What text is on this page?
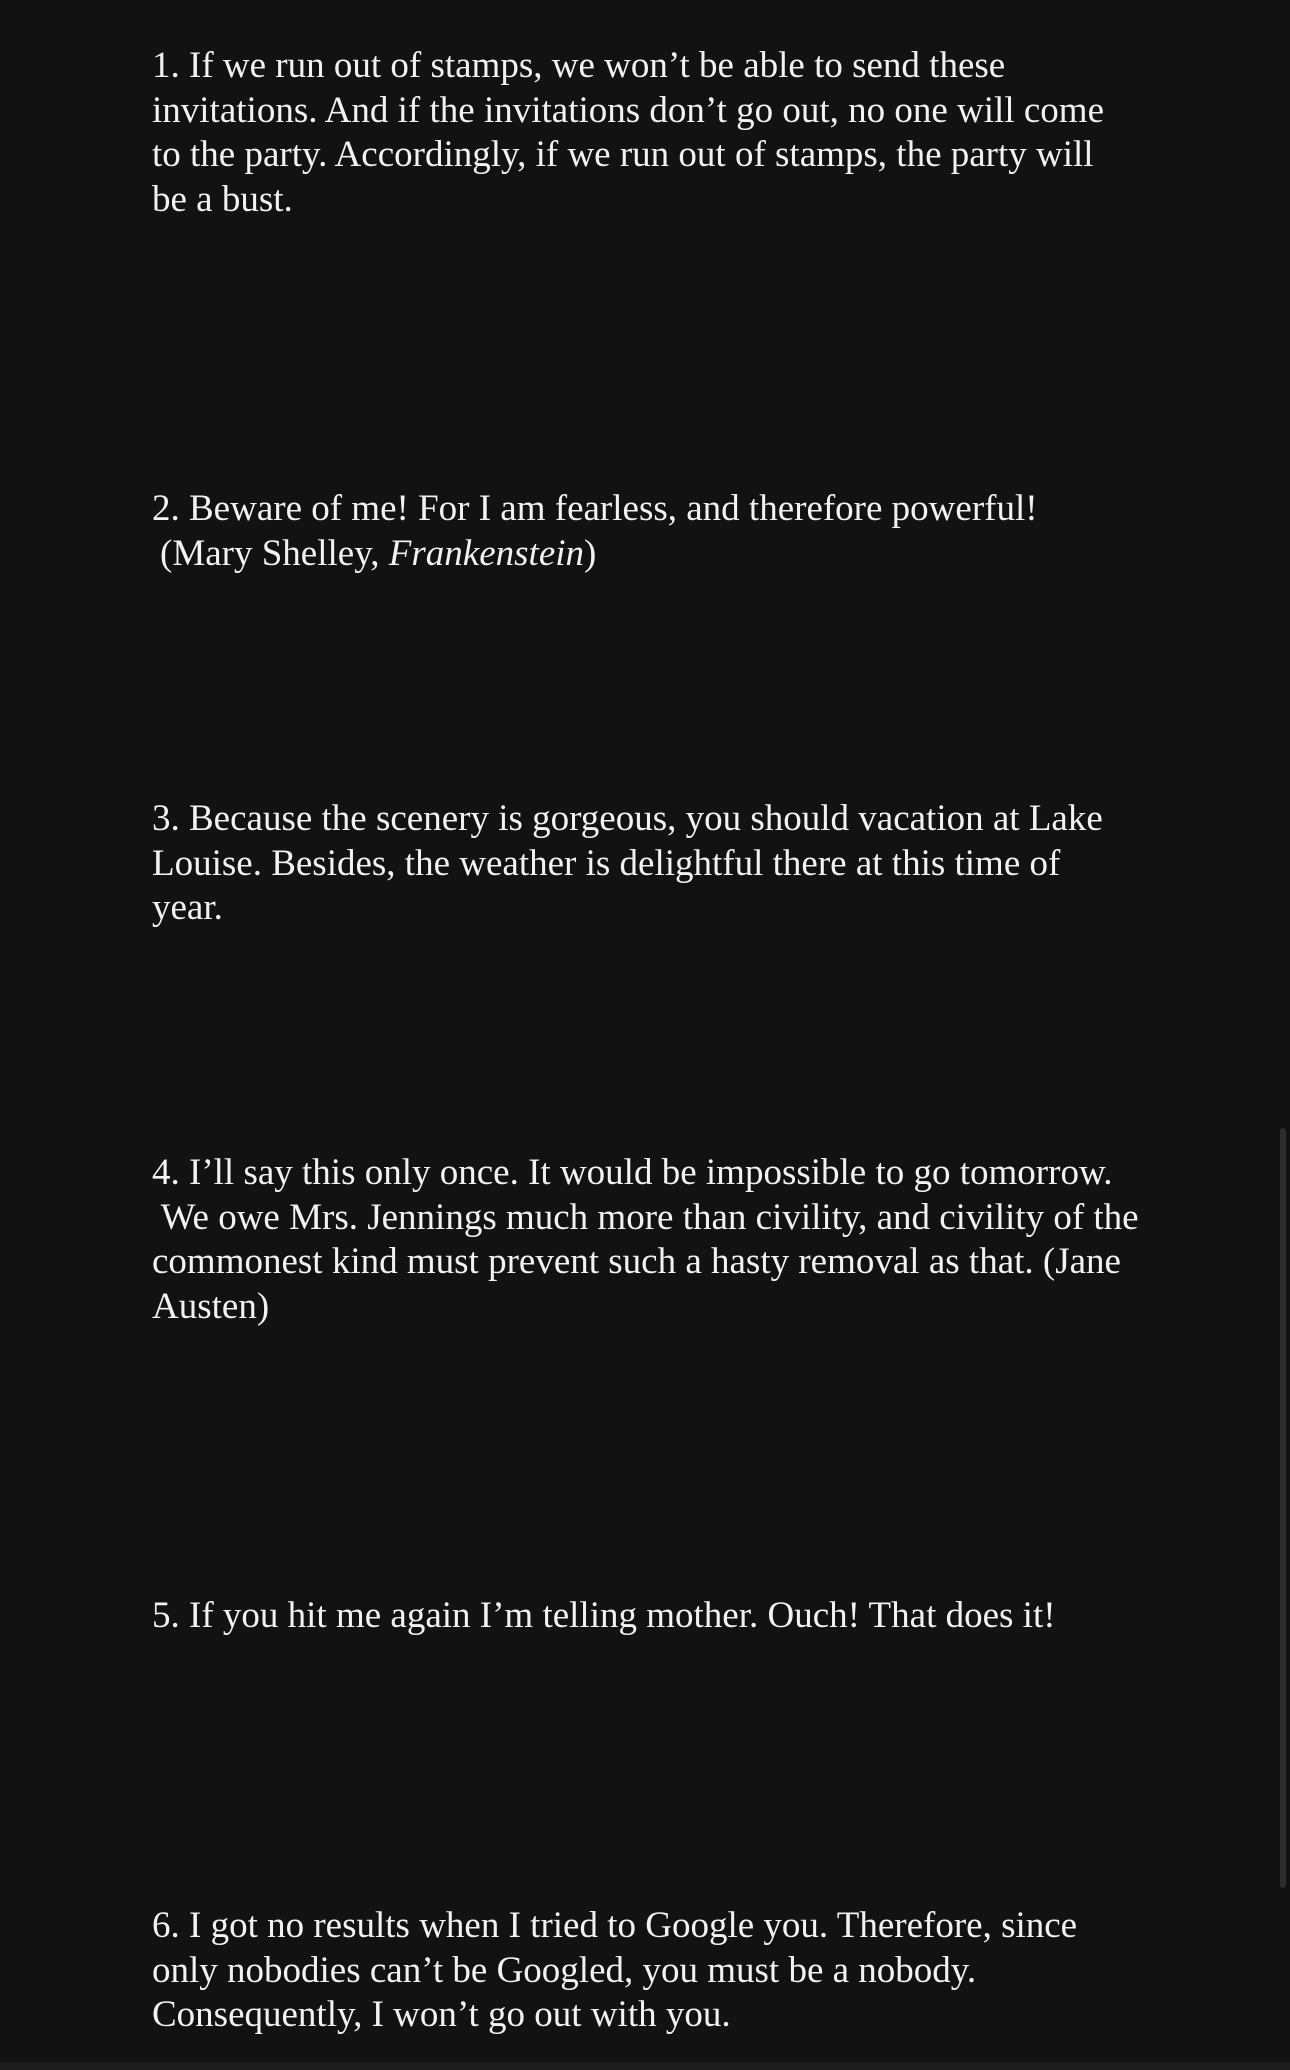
1. If we run out of stamps, we won’t be able to send these
invitations. And if the invitations don’t go out, no one will come
to the party. Accordingly, if we run out of stamps, the party will
be a bust.

2. Beware of me! For I am fearless, and therefore powerful!
(Mary Shelley, Frankenstein)

3. Because the scenery is gorgeous, you should vacation at Lake
Louise. Besides, the weather is delightful there at this time of
year.

4. I’ll say this only once. It would be impossible to go tomorrow.
We owe Mrs. Jennings much more than civility, and civility of the
commonest kind must prevent such a hasty removal as that. (Jane
Austen)

5. If you hit me again I’m telling mother. Ouch! That does it!

6. I got no results when I tried to Google you. Therefore, since
only nobodies can’t be Googled, you must be a nobody.
Consequently, I won’t go out with you.
